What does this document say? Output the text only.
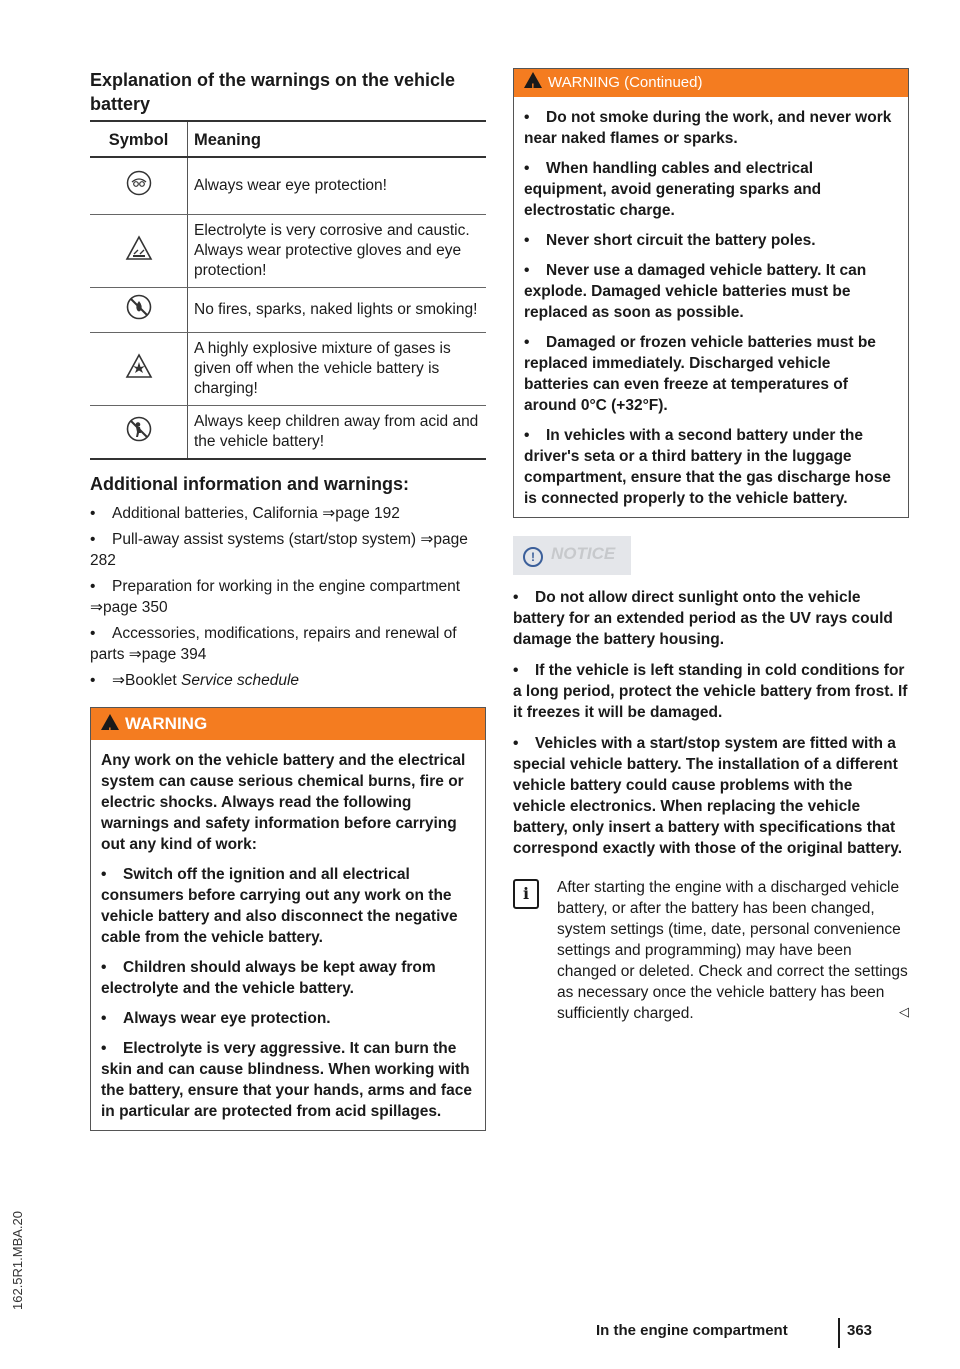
Explanation of the warnings on the vehicle battery
Symbol	Meaning
	Always wear eye protection!
	Electrolyte is very corrosive and caustic. Always wear protective gloves and eye protection!
	No fires, sparks, naked lights or smoking!
	A highly explosive mixture of gases is given off when the vehicle battery is charging!
	Always keep children away from acid and the vehicle battery!
Additional information and warnings:
• Additional batteries, California ⇒page 192
• Pull-away assist systems (start/stop system) ⇒page 282
• Preparation for working in the engine compartment ⇒page 350
• Accessories, modifications, repairs and renewal of parts ⇒page 394
• ⇒Booklet Service schedule
!WARNING

Any work on the vehicle battery and the electrical system can cause serious chemical burns, fire or electric shocks. Always read the following warnings and safety information before carrying out any kind of work:

• Switch off the ignition and all electrical consumers before carrying out any work on the vehicle battery and also disconnect the negative cable from the vehicle battery.
• Children should always be kept away from electrolyte and the vehicle battery.
• Always wear eye protection.
• Electrolyte is very aggressive. It can burn the skin and can cause blindness. When working with the battery, ensure that your hands, arms and face in particular are protected from acid spillages.
!WARNING (Continued)
• Do not smoke during the work, and never work near naked flames or sparks.
• When handling cables and electrical equipment, avoid generating sparks and electrostatic charge.
• Never short circuit the battery poles.
• Never use a damaged vehicle battery. It can explode. Damaged vehicle batteries must be replaced as soon as possible.
• Damaged or frozen vehicle batteries must be replaced immediately. Discharged vehicle batteries can even freeze at temperatures of around 0°C (+32°F).
• In vehicles with a second battery under the driver's seta or a third battery in the luggage compartment, ensure that the gas discharge hose is connected properly to the vehicle battery.
! NOTICE
• Do not allow direct sunlight onto the vehicle battery for an extended period as the UV rays could damage the battery housing.
• If the vehicle is left standing in cold conditions for a long period, protect the vehicle battery from frost. If it freezes it will be damaged.
• Vehicles with a start/stop system are fitted with a special vehicle battery. The installation of a different vehicle battery could cause problems with the vehicle electronics. When replacing the vehicle battery, only insert a battery with specifications that correspond exactly with those of the original battery.
i	After starting the engine with a discharged vehicle battery, or after the battery has been changed, system settings (time, date, personal convenience settings and programming) may have been changed or deleted. Check and correct the settings as necessary once the vehicle battery has been sufficiently charged.	◁
In the engine compartment	363
162.5R1.MBA.20
